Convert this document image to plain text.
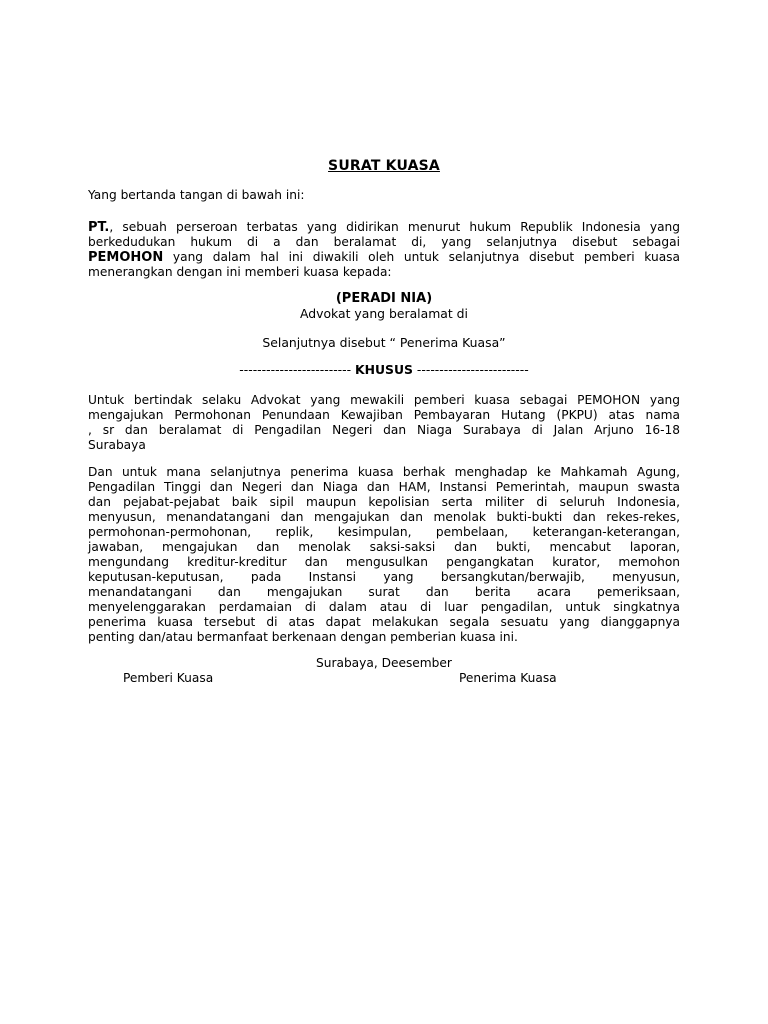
SURAT KUASA
Yang bertanda tangan di bawah ini:
PT., sebuah perseroan terbatas yang didirikan menurut hukum Republik Indonesia yang
berkedudukan hukum di a dan beralamat di, yang selanjutnya disebut sebagai
PEMOHON yang dalam hal ini diwakili oleh untuk selanjutnya disebut pemberi kuasa
menerangkan dengan ini memberi kuasa kepada:
(PERADI NIA)
Advokat yang beralamat di
Selanjutnya disebut “ Penerima Kuasa”
------------------------- KHUSUS -------------------------
Untuk bertindak selaku Advokat yang mewakili pemberi kuasa sebagai PEMOHON yang
mengajukan Permohonan Penundaan Kewajiban Pembayaran Hutang (PKPU) atas nama
, sr dan beralamat di Pengadilan Negeri dan Niaga Surabaya di Jalan Arjuno 16-18
Surabaya
Dan untuk mana selanjutnya penerima kuasa berhak menghadap ke Mahkamah Agung,
Pengadilan Tinggi dan Negeri dan Niaga dan HAM, Instansi Pemerintah, maupun swasta
dan pejabat-pejabat baik sipil maupun kepolisian serta militer di seluruh Indonesia,
menyusun, menandatangani dan mengajukan dan menolak bukti-bukti dan rekes-rekes,
permohonan-permohonan, replik, kesimpulan, pembelaan, keterangan-keterangan,
jawaban, mengajukan dan menolak saksi-saksi dan bukti, mencabut laporan,
mengundang kreditur-kreditur dan mengusulkan pengangkatan kurator, memohon
keputusan-keputusan, pada Instansi yang bersangkutan/berwajib, menyusun,
menandatangani dan mengajukan surat dan berita acara pemeriksaan,
menyelenggarakan perdamaian di dalam atau di luar pengadilan, untuk singkatnya
penerima kuasa tersebut di atas dapat melakukan segala sesuatu yang dianggapnya
penting dan/atau bermanfaat berkenaan dengan pemberian kuasa ini.
Surabaya, Deesember
Pemberi Kuasa	Penerima Kuasa
